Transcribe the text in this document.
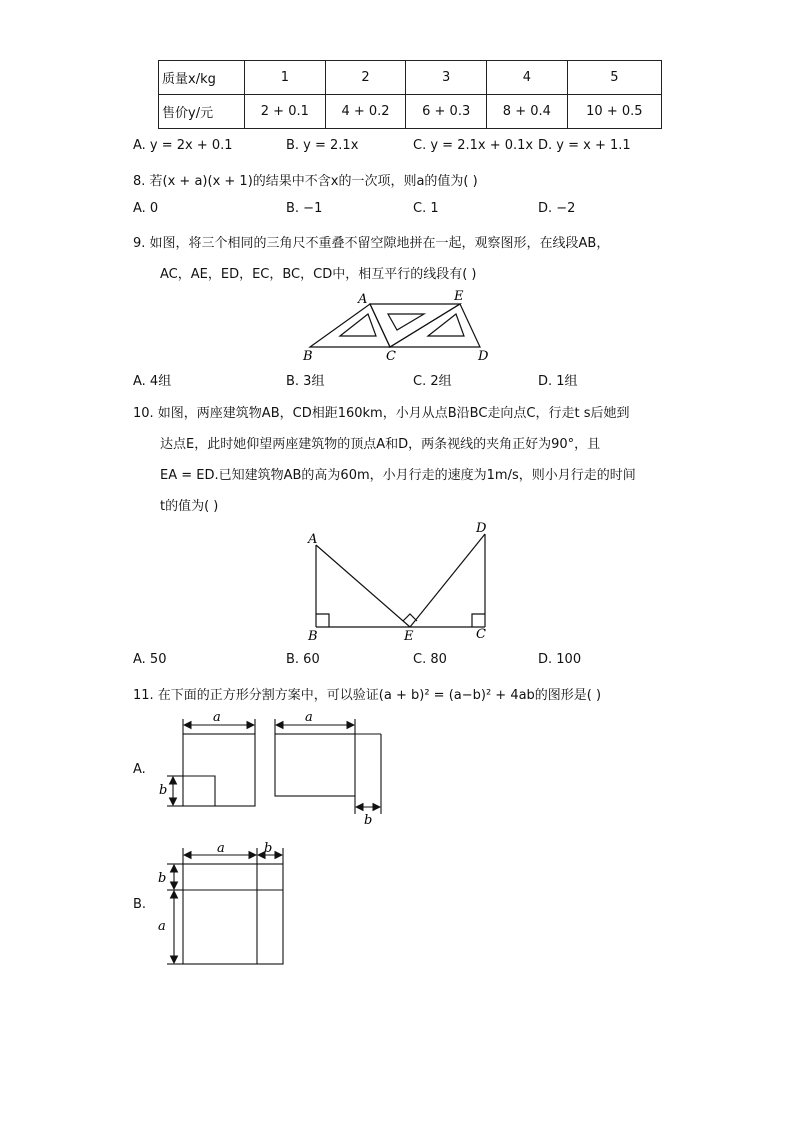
质量x/kg	1	2	3	4	5
售价y/元	2 + 0.1	4 + 0.2	6 + 0.3	8 + 0.4	10 + 0.5
A. y = 2x + 0.1	B. y = 2.1x	C. y = 2.1x + 0.1x D. y = x + 1.1
8. 若(x + a)(x + 1)的结果中不含x的一次项，则a的值为( )
A. 0	B. −1	C. 1	D. −2
9. 如图，将三个相同的三角尺不重叠不留空隙地拼在一起，观察图形，在线段AB，
AC，AE，ED，EC，BC，CD中，相互平行的线段有( )
A	E
B	C	D
A. 4组	B. 3组	C. 2组	D. 1组
10. 如图，两座建筑物AB，CD相距160km，小月从点B沿BC走向点C，行走t s后她到
达点E，此时她仰望两座建筑物的顶点A和D，两条视线的夹角正好为90°，且
EA = ED.已知建筑物AB的高为60m，小月行走的速度为1m/s，则小月行走的时间
t的值为( )
A
D
B	E	C
A. 50	B. 60	C. 80	D. 100
11. 在下面的正方形分割方案中，可以验证(a + b)² = (a−b)² + 4ab的图形是( )
A.
a
b
a
b
B.
a	b
b
a
